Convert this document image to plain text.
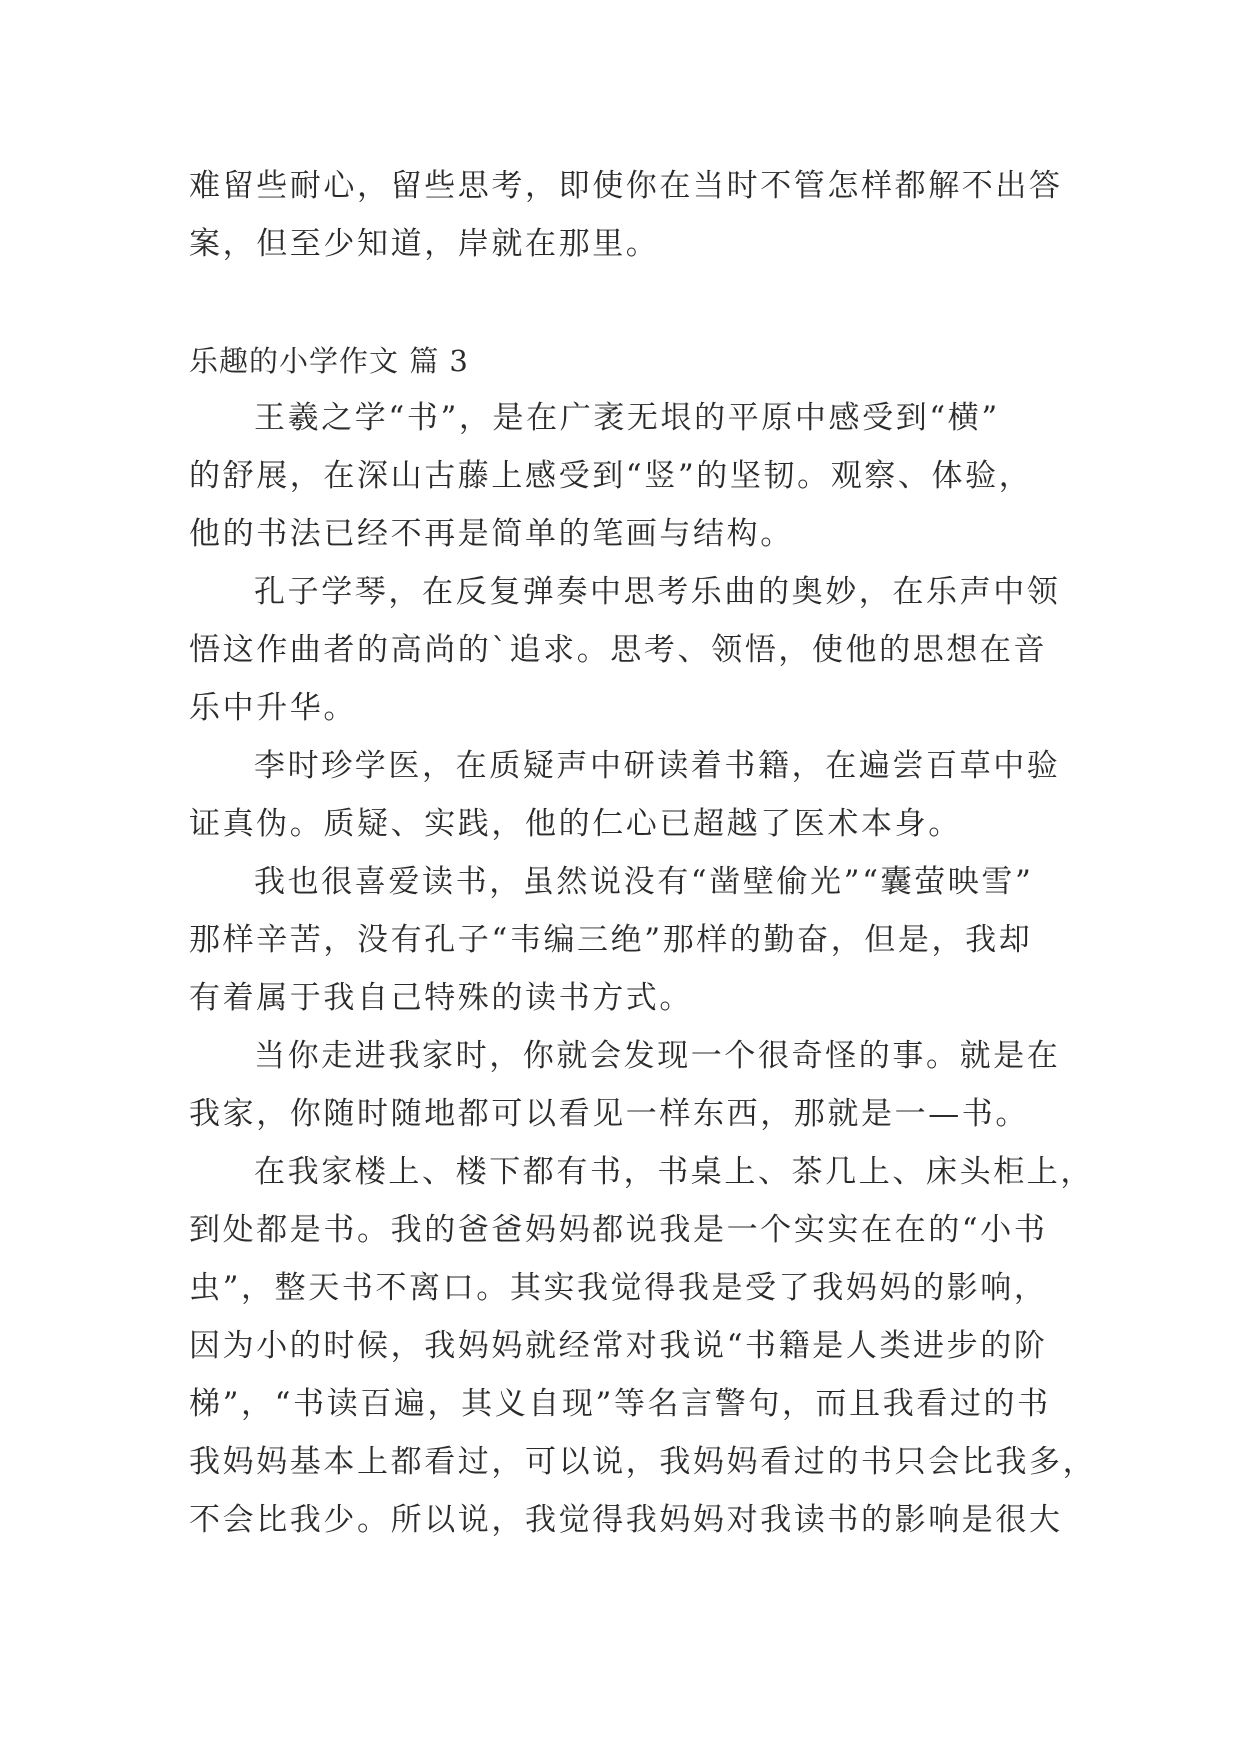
难留些耐心，留些思考，即使你在当时不管怎样都解不出答
案，但至少知道，岸就在那里。
乐趣的小学作文 篇 3
王羲之学“书”，是在广袤无垠的平原中感受到“横”
的舒展，在深山古藤上感受到“竖”的坚韧。观察、体验，
他的书法已经不再是简单的笔画与结构。
孔子学琴，在反复弹奏中思考乐曲的奥妙，在乐声中领
悟这作曲者的高尚的`追求。思考、领悟，使他的思想在音
乐中升华。
李时珍学医，在质疑声中研读着书籍，在遍尝百草中验
证真伪。质疑、实践，他的仁心已超越了医术本身。
我也很喜爱读书，虽然说没有“凿壁偷光”“囊萤映雪”
那样辛苦，没有孔子“韦编三绝”那样的勤奋，但是，我却
有着属于我自己特殊的读书方式。
当你走进我家时，你就会发现一个很奇怪的事。就是在
我家，你随时随地都可以看见一样东西，那就是一—书。
在我家楼上、楼下都有书，书桌上、茶几上、床头柜上，
到处都是书。我的爸爸妈妈都说我是一个实实在在的“小书
虫”，整天书不离口。其实我觉得我是受了我妈妈的影响，
因为小的时候，我妈妈就经常对我说“书籍是人类进步的阶
梯”，“书读百遍，其义自现”等名言警句，而且我看过的书
我妈妈基本上都看过，可以说，我妈妈看过的书只会比我多，
不会比我少。所以说，我觉得我妈妈对我读书的影响是很大
